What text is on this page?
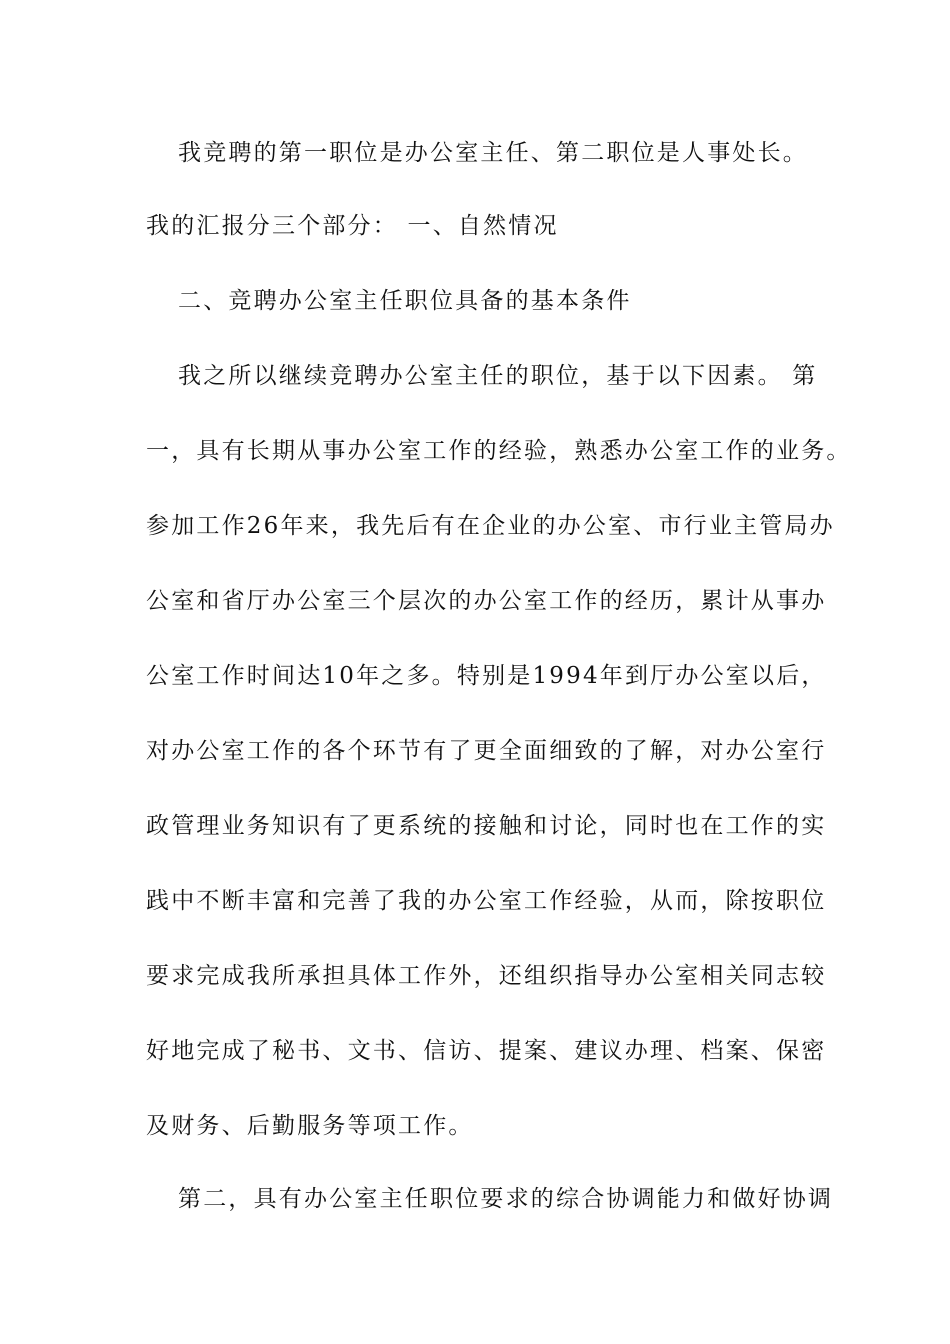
我竞聘的第一职位是办公室主任、第二职位是人事处长。
我的汇报分三个部分： 一、自然情况
二、竞聘办公室主任职位具备的基本条件
我之所以继续竞聘办公室主任的职位，基于以下因素。 第
一，具有长期从事办公室工作的经验，熟悉办公室工作的业务。
参加工作26年来，我先后有在企业的办公室、市行业主管局办
公室和省厅办公室三个层次的办公室工作的经历，累计从事办
公室工作时间达10年之多。特别是1994年到厅办公室以后，
对办公室工作的各个环节有了更全面细致的了解，对办公室行
政管理业务知识有了更系统的接触和讨论，同时也在工作的实
践中不断丰富和完善了我的办公室工作经验，从而，除按职位
要求完成我所承担具体工作外，还组织指导办公室相关同志较
好地完成了秘书、文书、信访、提案、建议办理、档案、保密
及财务、后勤服务等项工作。
第二，具有办公室主任职位要求的综合协调能力和做好协调
